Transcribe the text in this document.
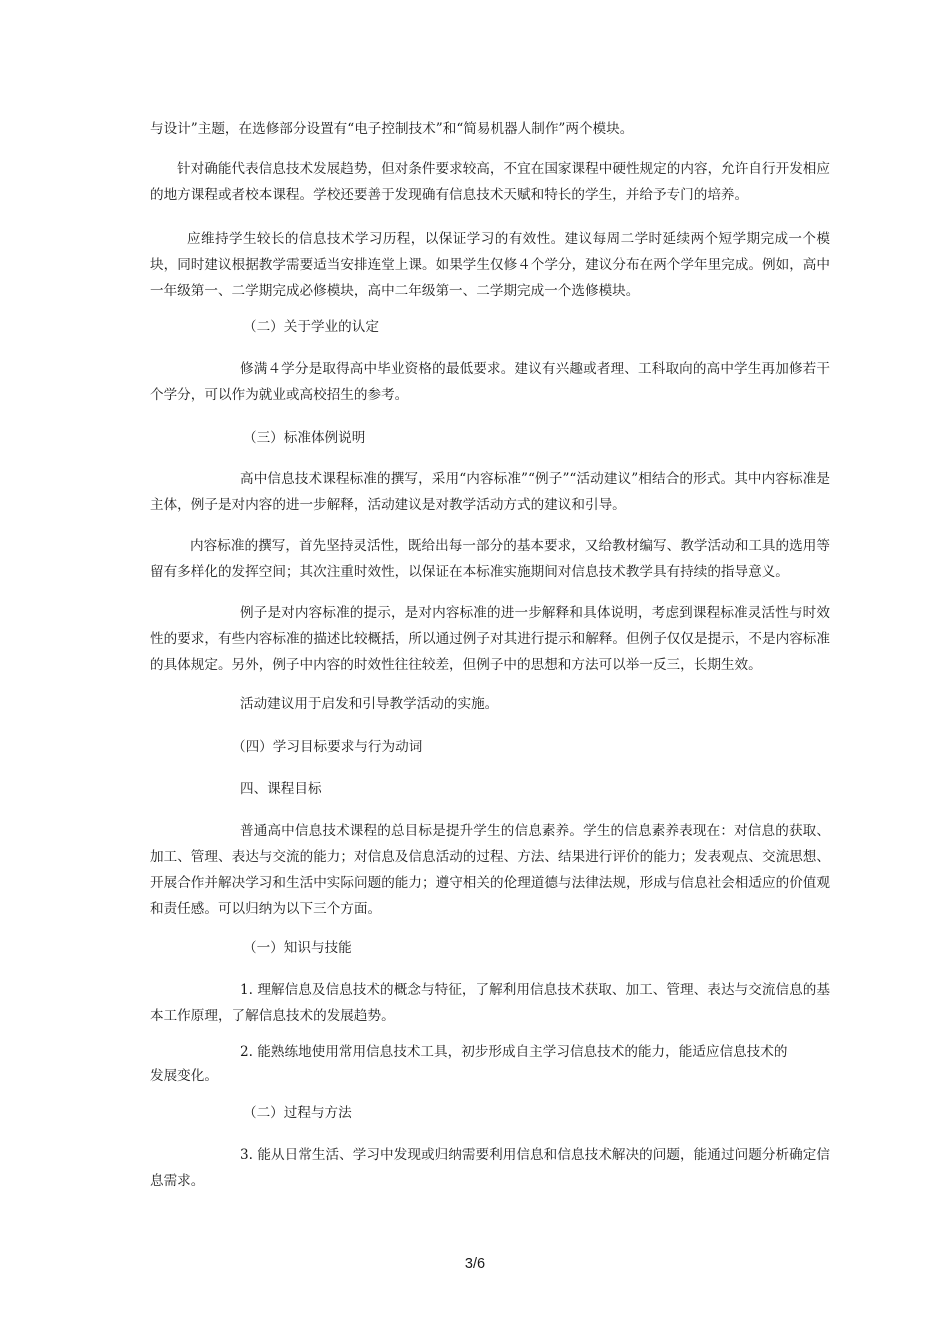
与设计”主题，在选修部分设置有“电子控制技术”和“简易机器人制作”两个模块。

针对确能代表信息技术发展趋势，但对条件要求较高，不宜在国家课程中硬性规定的内容，允许自行开发相应的地方课程或者校本课程。学校还要善于发现确有信息技术天赋和特长的学生，并给予专门的培养。

应维持学生较长的信息技术学习历程，以保证学习的有效性。建议每周二学时延续两个短学期完成一个模块，同时建议根据教学需要适当安排连堂上课。如果学生仅修４个学分，建议分布在两个学年里完成。例如，高中一年级第一、二学期完成必修模块，高中二年级第一、二学期完成一个选修模块。

（二）关于学业的认定

修满４学分是取得高中毕业资格的最低要求。建议有兴趣或者理、工科取向的高中学生再加修若干个学分，可以作为就业或高校招生的参考。

（三）标准体例说明

高中信息技术课程标准的撰写，采用“内容标准”“例子”“活动建议”相结合的形式。其中内容标准是主体，例子是对内容的进一步解释，活动建议是对教学活动方式的建议和引导。

内容标准的撰写，首先坚持灵活性，既给出每一部分的基本要求，又给教材编写、教学活动和工具的选用等留有多样化的发挥空间；其次注重时效性，以保证在本标准实施期间对信息技术教学具有持续的指导意义。

例子是对内容标准的提示，是对内容标准的进一步解释和具体说明，考虑到课程标准灵活性与时效性的要求，有些内容标准的描述比较概括，所以通过例子对其进行提示和解释。但例子仅仅是提示，不是内容标准的具体规定。另外，例子中内容的时效性往往较差，但例子中的思想和方法可以举一反三，长期生效。

活动建议用于启发和引导教学活动的实施。

（四）学习目标要求与行为动词

四、课程目标

普通高中信息技术课程的总目标是提升学生的信息素养。学生的信息素养表现在：对信息的获取、加工、管理、表达与交流的能力；对信息及信息活动的过程、方法、结果进行评价的能力；发表观点、交流思想、开展合作并解决学习和生活中实际问题的能力；遵守相关的伦理道德与法律法规，形成与信息社会相适应的价值观和责任感。可以归纳为以下三个方面。

（一）知识与技能

1. 理解信息及信息技术的概念与特征，了解利用信息技术获取、加工、管理、表达与交流信息的基本工作原理，了解信息技术的发展趋势。

2. 能熟练地使用常用信息技术工具，初步形成自主学习信息技术的能力，能适应信息技术的

发展变化。

（二）过程与方法

3. 能从日常生活、学习中发现或归纳需要利用信息和信息技术解决的问题，能通过问题分析确定信息需求。

3/6
